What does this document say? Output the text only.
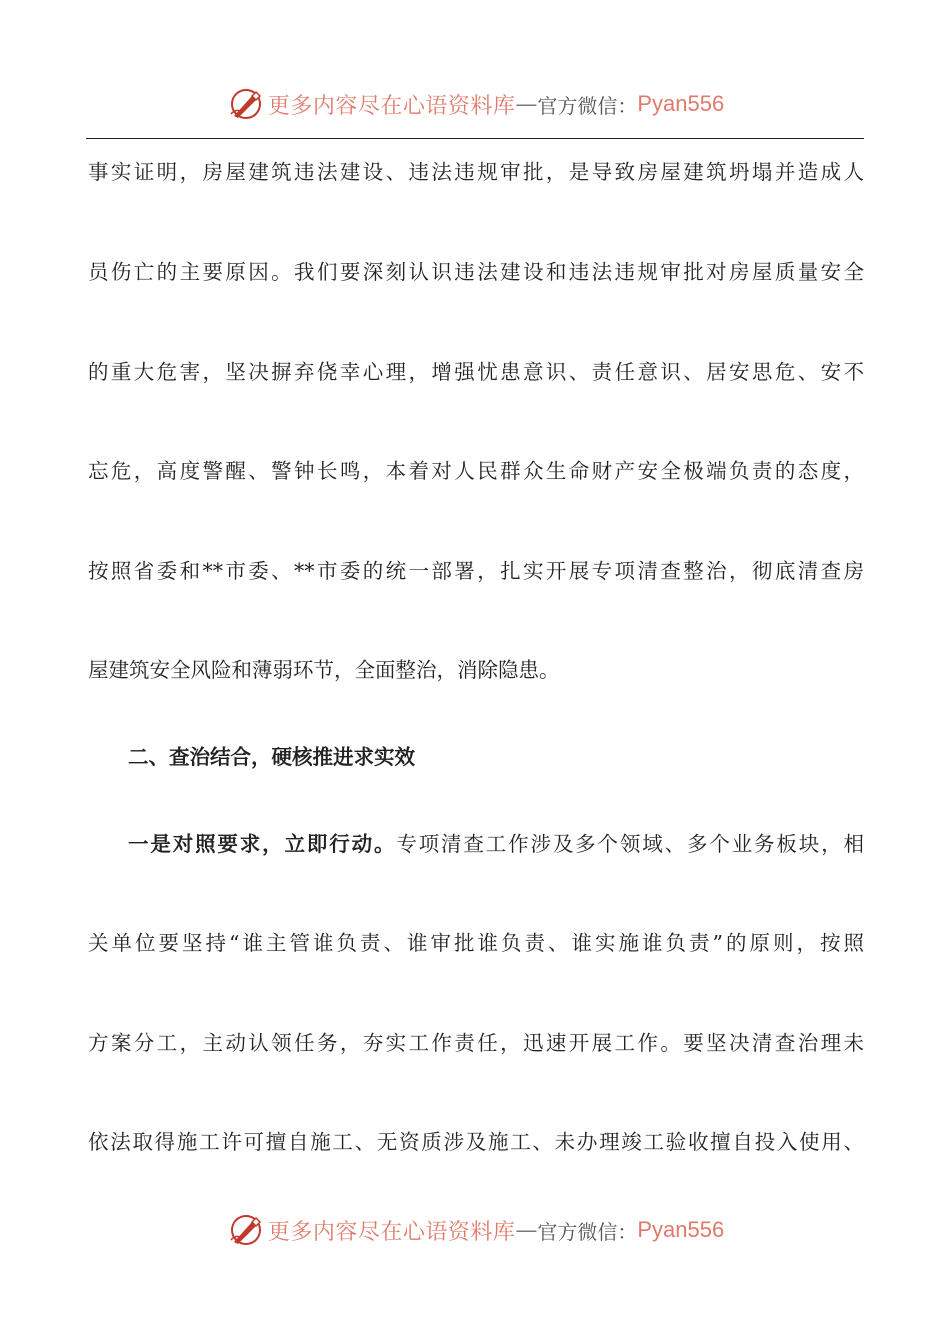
更多内容尽在心语资料库 — 官方微信： Pyan556
事实证明，房屋建筑违法建设、违法违规审批，是导致房屋建筑坍塌并造成人
员伤亡的主要原因。我们要深刻认识违法建设和违法违规审批对房屋质量安全
的重大危害，坚决摒弃侥幸心理，增强忧患意识、责任意识、居安思危、安不
忘危，高度警醒、警钟长鸣，本着对人民群众生命财产安全极端负责的态度，
按照省委和**市委、**市委的统一部署，扎实开展专项清查整治，彻底清查房
屋建筑安全风险和薄弱环节，全面整治，消除隐患。
二、查治结合，硬核推进求实效
一是对照要求，立即行动。专项清查工作涉及多个领域、多个业务板块，相
关单位要坚持“谁主管谁负责、谁审批谁负责、谁实施谁负责”的原则，按照
方案分工，主动认领任务，夯实工作责任，迅速开展工作。要坚决清查治理未
依法取得施工许可擅自施工、无资质涉及施工、未办理竣工验收擅自投入使用、
更多内容尽在心语资料库 — 官方微信： Pyan556
